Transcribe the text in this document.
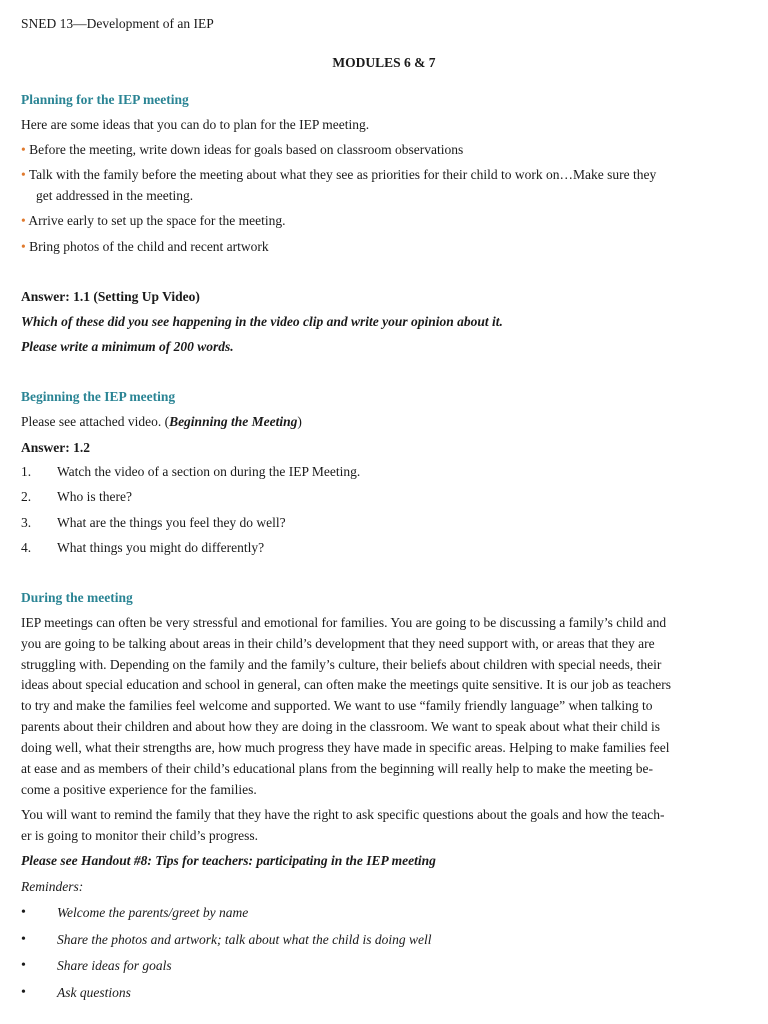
SNED 13—Development of an IEP
MODULES 6 & 7
Planning for the IEP meeting
Here are some ideas that you can do to plan for the IEP meeting.
• Before the meeting, write down ideas for goals based on classroom observations
• Talk with the family before the meeting about what they see as priorities for their child to work on…Make sure they
get addressed in the meeting.
• Arrive early to set up the space for the meeting.
• Bring photos of the child and recent artwork
Answer: 1.1 (Setting Up Video)
Which of these did you see happening in the video clip and write your opinion about it.
Please write a minimum of 200 words.
Beginning the IEP meeting
Please see attached video. (Beginning the Meeting)
Answer: 1.2
1. Watch the video of a section on during the IEP Meeting.
2. Who is there?
3. What are the things you feel they do well?
4. What things you might do differently?
During the meeting
IEP meetings can often be very stressful and emotional for families. You are going to be discussing a family’s child and
you are going to be talking about areas in their child’s development that they need support with, or areas that they are
struggling with. Depending on the family and the family’s culture, their beliefs about children with special needs, their
ideas about special education and school in general, can often make the meetings quite sensitive. It is our job as teachers
to try and make the families feel welcome and supported. We want to use “family friendly language” when talking to
parents about their children and about how they are doing in the classroom. We want to speak about what their child is
doing well, what their strengths are, how much progress they have made in specific areas. Helping to make families feel
at ease and as members of their child’s educational plans from the beginning will really help to make the meeting be-
come a positive experience for the families.
You will want to remind the family that they have the right to ask specific questions about the goals and how the teach-
er is going to monitor their child’s progress.
Please see Handout #8: Tips for teachers: participating in the IEP meeting
Reminders:
• Welcome the parents/greet by name
• Share the photos and artwork; talk about what the child is doing well
• Share ideas for goals
• Ask questions
